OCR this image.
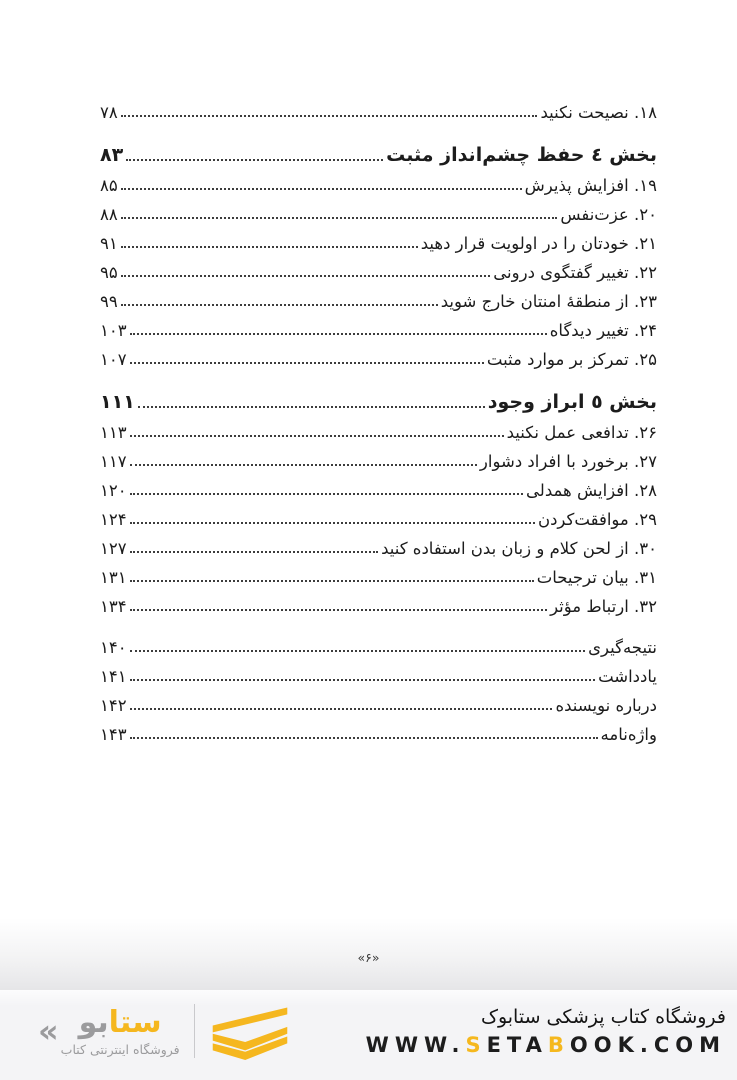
۱۸. نصیحت نکنید
۷۸
بخش ٤ حفظ چشم‌انداز مثبت
۸۳
۱۹. افزایش پذیرش
۸۵
۲۰. عزت‌نفس
۸۸
۲۱. خودتان را در اولویت قرار دهید
۹۱
۲۲. تغییر گفتگوی درونی
۹۵
۲۳. از منطقهٔ امنتان خارج شوید
۹۹
۲۴. تغییر دیدگاه
۱۰۳
۲۵. تمرکز بر موارد مثبت
۱۰۷
بخش ٥ ابراز وجود
۱۱۱
۲۶. تدافعی عمل نکنید
۱۱۳
۲۷. برخورد با افراد دشوار
۱۱۷
۲۸. افزایش همدلی
۱۲۰
۲۹. موافقت‌کردن
۱۲۴
۳۰. از لحن کلام و زبان بدن استفاده کنید
۱۲۷
۳۱. بیان ترجیحات
۱۳۱
۳۲. ارتباط مؤثر
۱۳۴
نتیجه‌گیری
۱۴۰
یادداشت
۱۴۱
درباره نویسنده
۱۴۲
واژه‌نامه
۱۴۳
«۶»
«	ستابو
فروشگاه اینترنتی کتاب
فروشگاه کتاب پزشکی ستابوک
WWW.SETABOOK.COM
